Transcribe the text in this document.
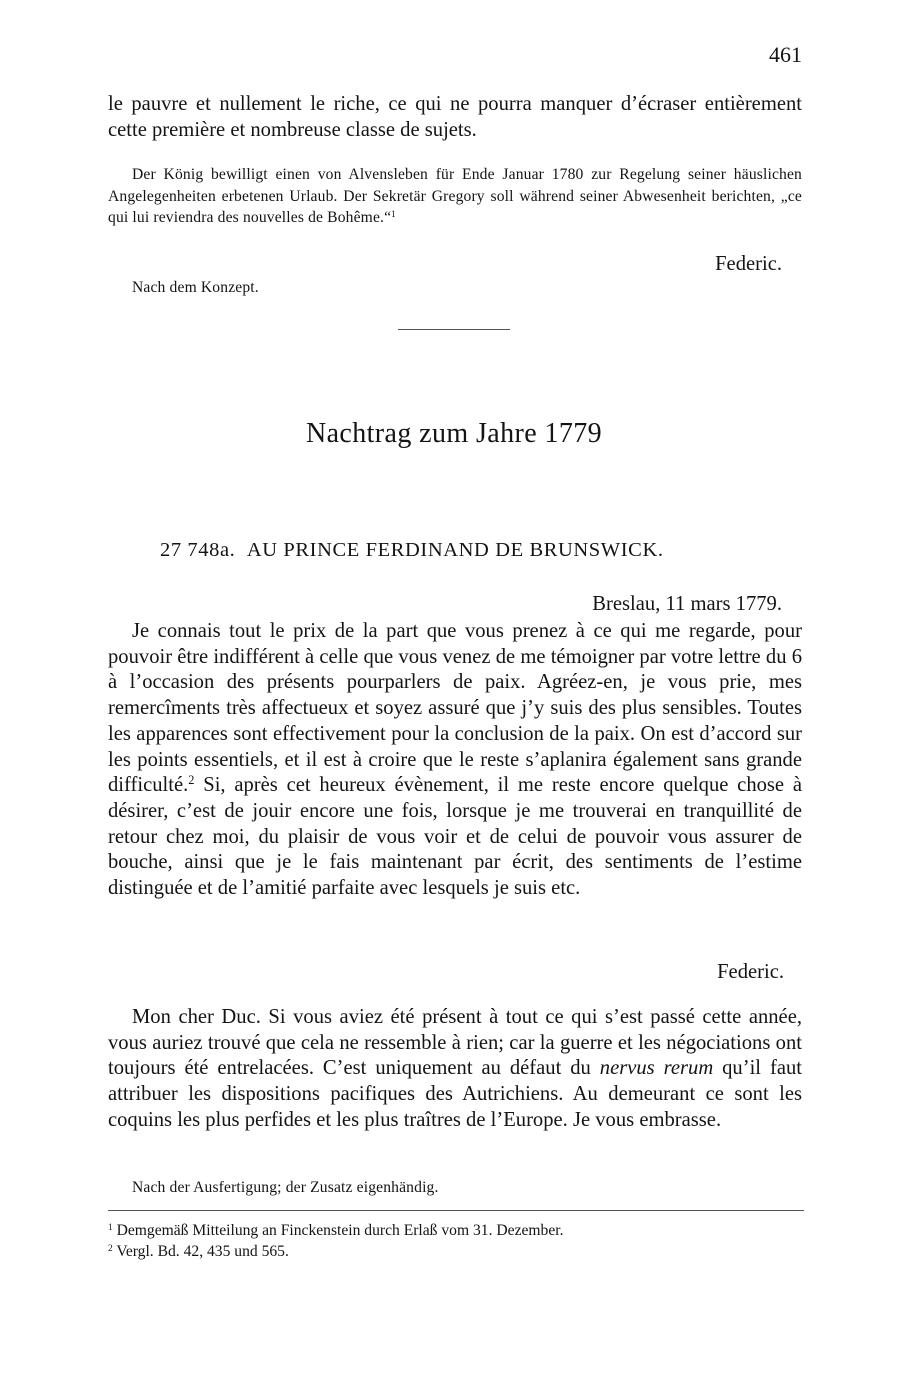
461

le pauvre et nullement le riche, ce qui ne pourra manquer d’écraser entièrement cette première et nombreuse classe de sujets.

Der König bewilligt einen von Alvensleben für Ende Januar 1780 zur Regelung seiner häuslichen Angelegenheiten erbetenen Urlaub. Der Sekretär Gregory soll während seiner Abwesenheit berichten, „ce qui lui reviendra des nouvelles de Bohême.“$^1$

Federic.
Nach dem Konzept.
Nachtrag zum Jahre 1779
27 748a. AU PRINCE FERDINAND DE BRUNSWICK.
Breslau, 11 mars 1779.

Je connais tout le prix de la part que vous prenez à ce qui me regarde, pour pouvoir être indifférent à celle que vous venez de me témoigner par votre lettre du 6 à l’occasion des présents pourparlers de paix. Agréez-en, je vous prie, mes remercîments très affectueux et soyez assuré que j’y suis des plus sensibles. Toutes les apparences sont effectivement pour la conclusion de la paix. On est d’accord sur les points essentiels, et il est à croire que le reste s’aplanira également sans grande difficulté.$^2$ Si, après cet heureux évènement, il me reste encore quelque chose à désirer, c’est de jouir encore une fois, lorsque je me trouverai en tranquillité de retour chez moi, du plaisir de vous voir et de celui de pouvoir vous assurer de bouche, ainsi que je le fais maintenant par écrit, des sentiments de l’estime distinguée et de l’amitié parfaite avec lesquels je suis etc.

Federic.

Mon cher Duc. Si vous aviez été présent à tout ce qui s’est passé cette année, vous auriez trouvé que cela ne ressemble à rien; car la guerre et les négociations ont toujours été entrelacées. C’est uniquement au défaut du nervus rerum qu’il faut attribuer les dispositions pacifiques des Autrichiens. Au demeurant ce sont les coquins les plus perfides et les plus traîtres de l’Europe. Je vous embrasse.

Nach der Ausfertigung; der Zusatz eigenhändig.
$^1$ Demgemäß Mitteilung an Finckenstein durch Erlaß vom 31. Dezember.
$^2$ Vergl. Bd. 42, 435 und 565.
